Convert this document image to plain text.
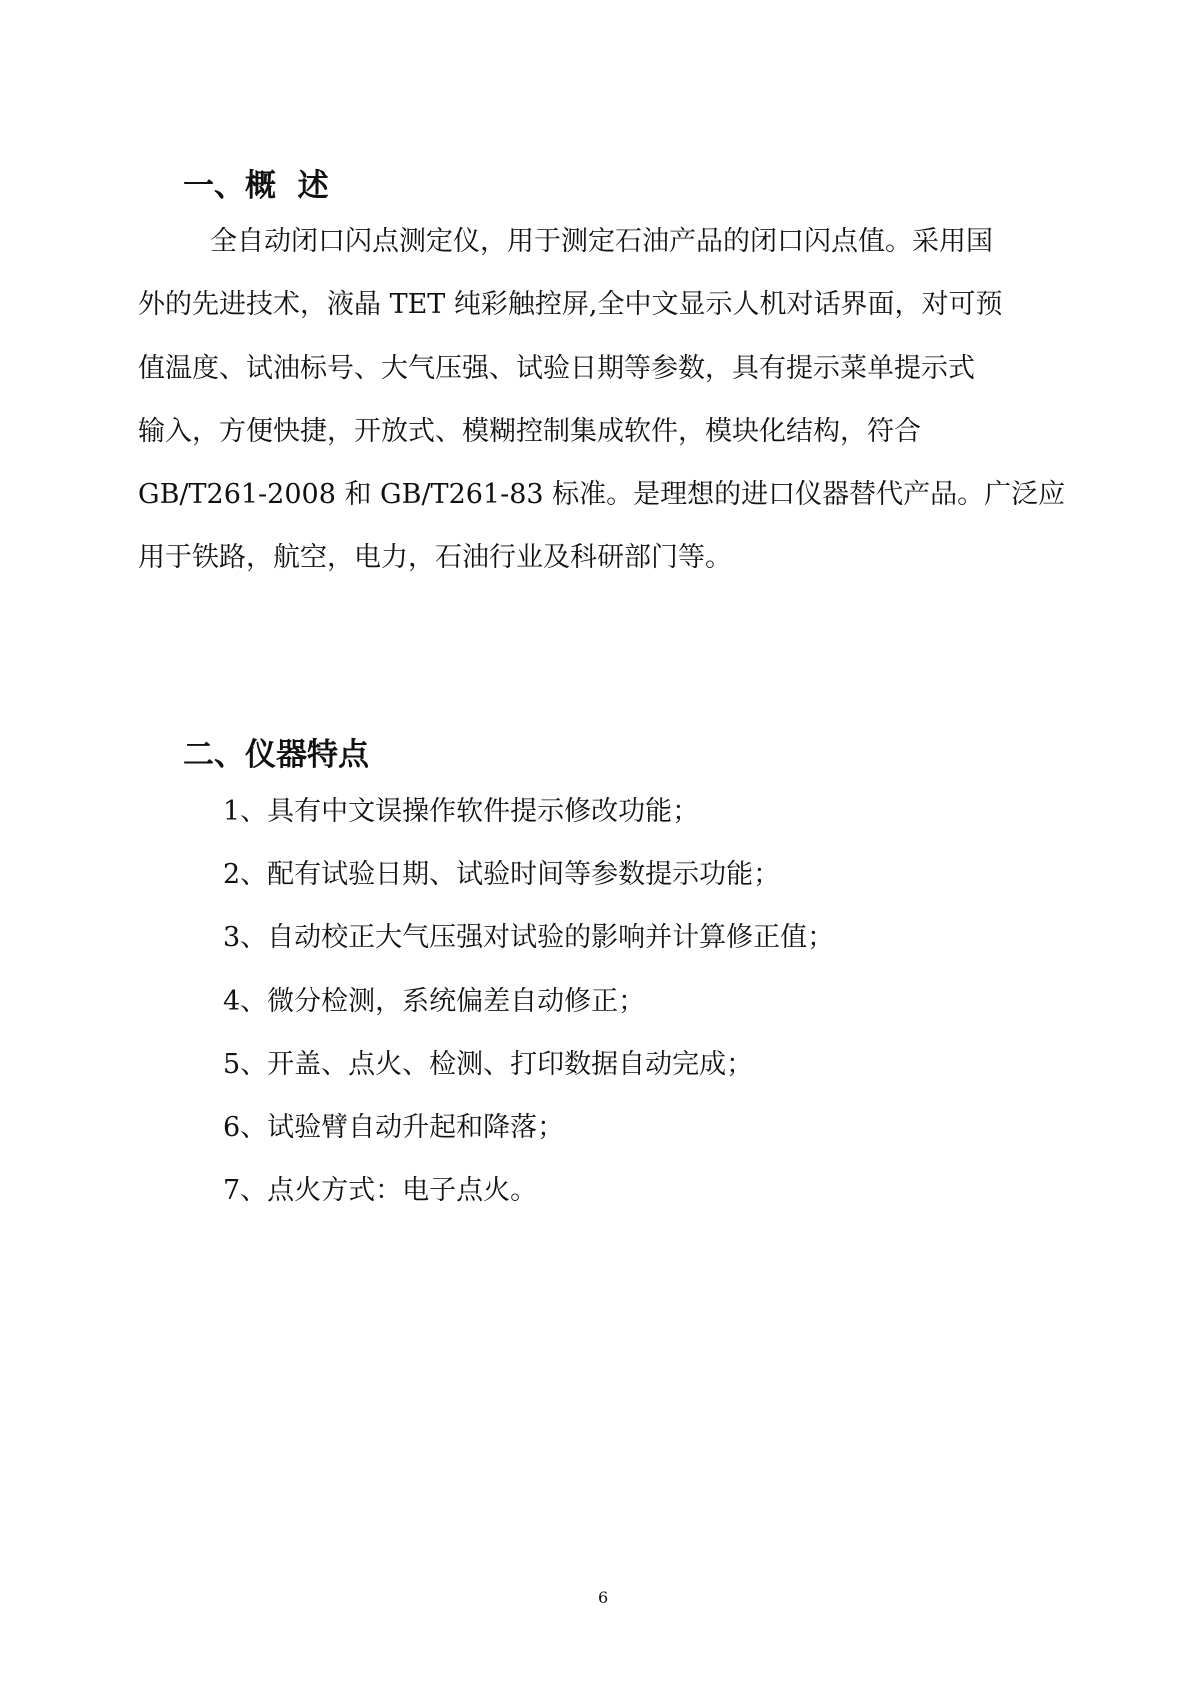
一、概  述
全自动闭口闪点测定仪，用于测定石油产品的闭口闪点值。采用国
外的先进技术，液晶 TET 纯彩触控屏,全中文显示人机对话界面，对可预
值温度、试油标号、大气压强、试验日期等参数，具有提示菜单提示式
输入，方便快捷，开放式、模糊控制集成软件，模块化结构，符合
GB/T261-2008 和 GB/T261-83 标准。是理想的进口仪器替代产品。广泛应
用于铁路，航空，电力，石油行业及科研部门等。
二、仪器特点
1、具有中文误操作软件提示修改功能；
2、配有试验日期、试验时间等参数提示功能；
3、自动校正大气压强对试验的影响并计算修正值；
4、微分检测，系统偏差自动修正；
5、开盖、点火、检测、打印数据自动完成；
6、试验臂自动升起和降落；
7、点火方式：电子点火。
6
